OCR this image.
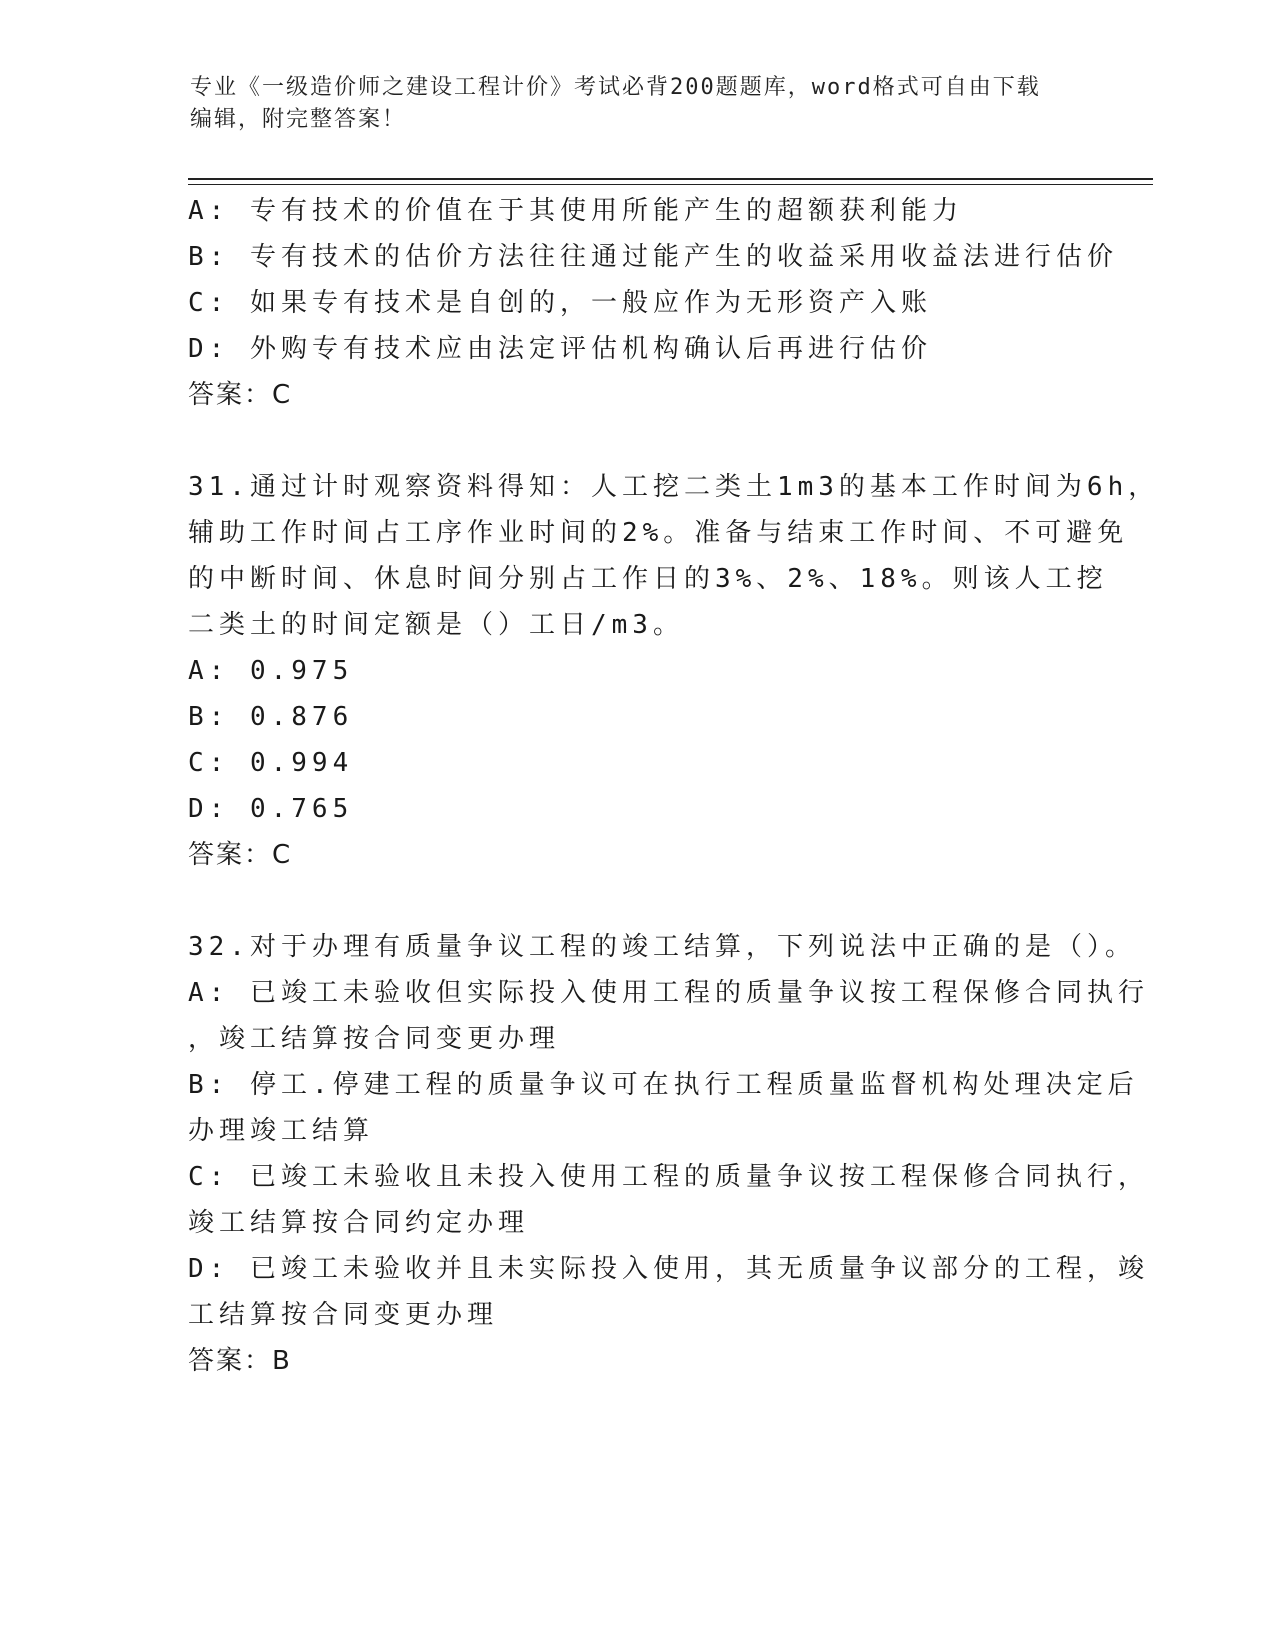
专业《一级造价师之建设工程计价》考试必背200题题库，word格式可自由下载
编辑，附完整答案！
A: 专有技术的价值在于其使用所能产生的超额获利能力
B: 专有技术的估价方法往往通过能产生的收益采用收益法进行估价
C: 如果专有技术是自创的，一般应作为无形资产入账
D: 外购专有技术应由法定评估机构确认后再进行估价
答案：C
31.通过计时观察资料得知：人工挖二类土1m3的基本工作时间为6h，
辅助工作时间占工序作业时间的2%。准备与结束工作时间、不可避免
的中断时间、休息时间分别占工作日的3%、2%、18%。则该人工挖
二类土的时间定额是（）工日/m3。
A: 0.975
B: 0.876
C: 0.994
D: 0.765
答案：C
32.对于办理有质量争议工程的竣工结算，下列说法中正确的是（）。
A: 已竣工未验收但实际投入使用工程的质量争议按工程保修合同执行
，竣工结算按合同变更办理
B: 停工.停建工程的质量争议可在执行工程质量监督机构处理决定后
办理竣工结算
C: 已竣工未验收且未投入使用工程的质量争议按工程保修合同执行，
竣工结算按合同约定办理
D: 已竣工未验收并且未实际投入使用，其无质量争议部分的工程，竣
工结算按合同变更办理
答案：B
